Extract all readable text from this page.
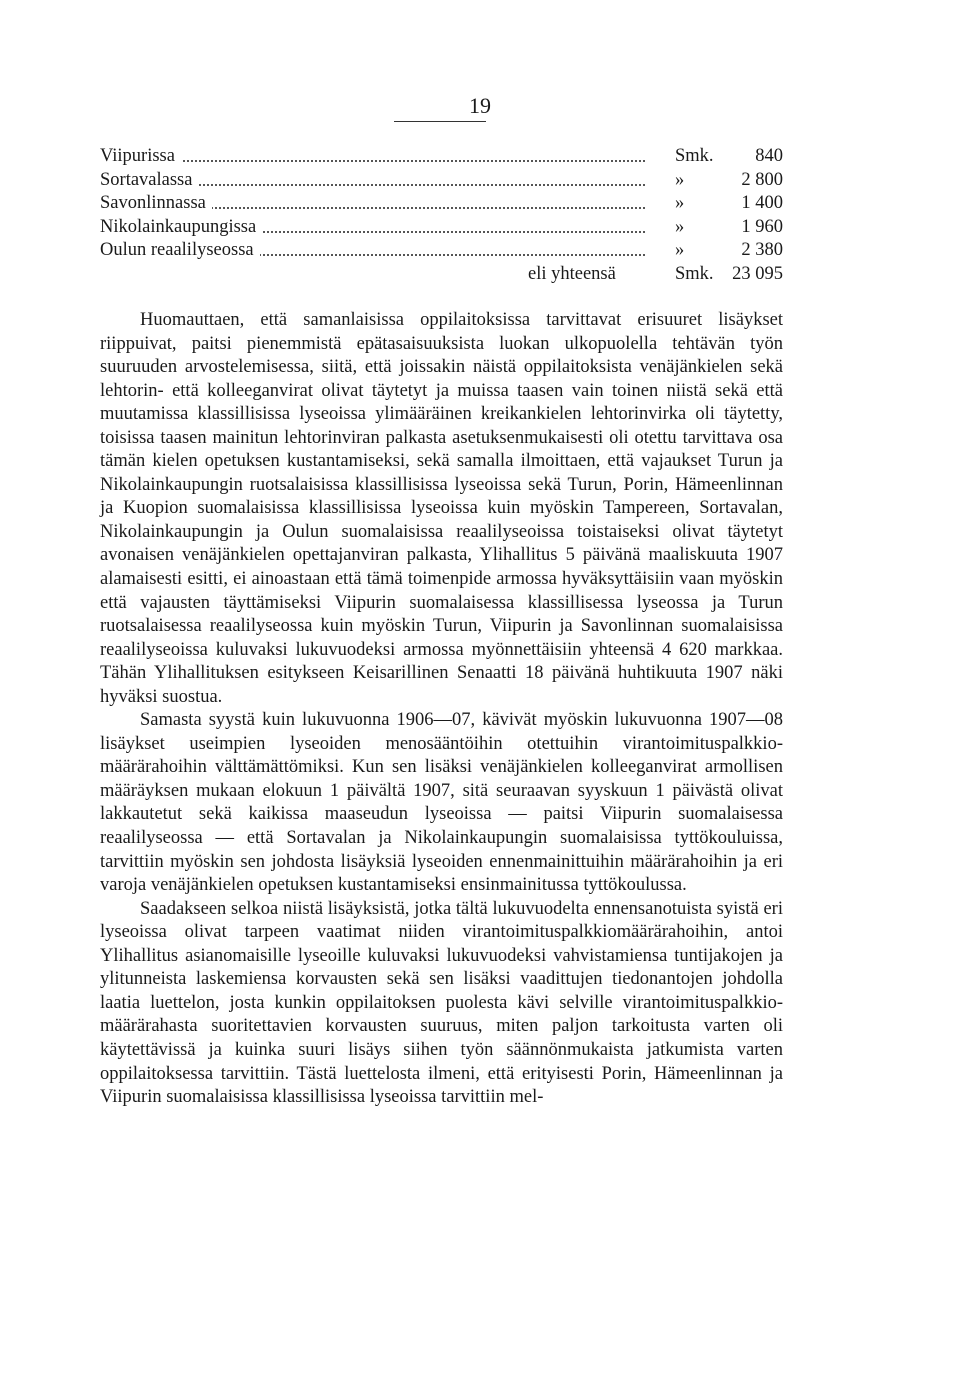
19
Viipurissa	Smk. 840
Sortavalassa	»	2 800
Savonlinnassa	»	1 400
Nikolainkaupungissa	»	1 960
Oulun reaalilyseossa	»	2 380
eli yhteensä	Smk. 23 095

Huomauttaen, että samanlaisissa oppilaitoksissa tarvittavat erisuuret lisäykset riippuivat, paitsi pienemmistä epätasaisuuksista luokan ulkopuolella tehtävän työn suuruuden arvostelemisessa, siitä, että joissakin näistä oppilaitoksista venäjänkielen sekä lehtorin- että kolleeganvirat olivat täytetyt ja muissa taasen vain toinen niistä sekä että muutamissa klassillisissa lyseoissa ylimääräinen kreikankielen lehtorinvirka oli täytetty, toisissa taasen mainitun lehtorinviran palkasta asetuksenmukaisesti oli otettu tarvittava osa tämän kielen opetuksen kustantamiseksi, sekä samalla ilmoittaen, että vajaukset Turun ja Nikolainkaupungin ruotsalaisissa klassillisissa lyseoissa sekä Turun, Porin, Hämeenlinnan ja Kuopion suomalaisissa klassillisissa lyseoissa kuin myöskin Tampereen, Sortavalan, Nikolainkaupungin ja Oulun suomalaisissa reaalilyseoissa toistaiseksi olivat täytetyt avonaisen venäjänkielen opettajanviran palkasta, Ylihallitus 5 päivänä maaliskuuta 1907 alamaisesti esitti, ei ainoastaan että tämä toimenpide armossa hyväksyttäisiin vaan myöskin että vajausten täyttämiseksi Viipurin suomalaisessa klassillisessa lyseossa ja Turun ruotsalaisessa reaalilyseossa kuin myöskin Turun, Viipurin ja Savonlinnan suomalaisissa reaalilyseoissa kuluvaksi lukuvuodeksi armossa myönnettäisiin yhteensä 4 620 markkaa. Tähän Ylihallituksen esitykseen Keisarillinen Senaatti 18 päivänä huhtikuuta 1907 näki hyväksi suostua.

Samasta syystä kuin lukuvuonna 1906—07, kävivät myöskin lukuvuonna 1907—08 lisäykset useimpien lyseoiden menosääntöihin otettuihin virantoimituspalkkio-määrärahoihin välttämättömiksi. Kun sen lisäksi venäjänkielen kolleeganvirat armollisen määräyksen mukaan elokuun 1 päivältä 1907, sitä seuraavan syyskuun 1 päivästä olivat lakkautetut sekä kaikissa maaseudun lyseoissa — paitsi Viipurin suomalaisessa reaalilyseossa — että Sortavalan ja Nikolainkaupungin suomalaisissa tyttökouluissa, tarvittiin myöskin sen johdosta lisäyksiä lyseoiden ennenmainittuihin määrärahoihin ja eri varoja venäjänkielen opetuksen kustantamiseksi ensinmainitussa tyttökoulussa.

Saadakseen selkoa niistä lisäyksistä, jotka tältä lukuvuodelta ennensanotuista syistä eri lyseoissa olivat tarpeen vaatimat niiden virantoimituspalkkiomäärärahoihin, antoi Ylihallitus asianomaisille lyseoille kuluvaksi lukuvuodeksi vahvistamiensa tuntijakojen ja ylitunneista laskemiensa korvausten sekä sen lisäksi vaadittujen tiedonantojen johdolla laatia luettelon, josta kunkin oppilaitoksen puolesta kävi selville virantoimituspalkkio-määrärahasta suoritettavien korvausten suuruus, miten paljon tarkoitusta varten oli käytettävissä ja kuinka suuri lisäys siihen työn säännönmukaista jatkumista varten oppilaitoksessa tarvittiin. Tästä luettelosta ilmeni, että erityisesti Porin, Hämeenlinnan ja Viipurin suomalaisissa klassillisissa lyseoissa tarvittiin mel-
